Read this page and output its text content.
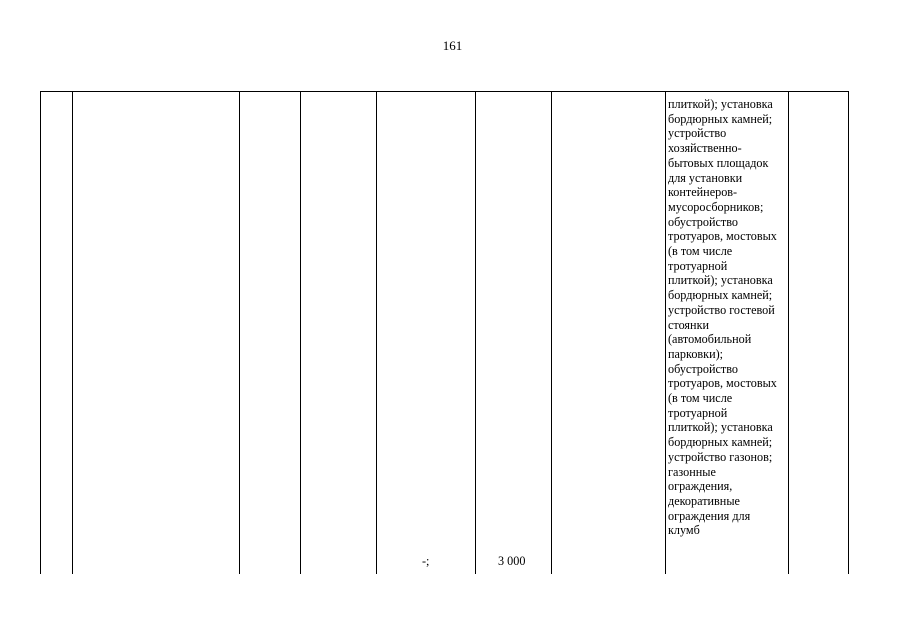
161
плиткой); установка
бордюрных камней;
устройство
хозяйственно-
бытовых площадок
для установки
контейнеров-
мусоросборников;
обустройство
тротуаров, мостовых
(в том числе
тротуарной
плиткой); установка
бордюрных камней;
устройство гостевой
стоянки
(автомобильной
парковки);
обустройство
тротуаров, мостовых
(в том числе
тротуарной
плиткой); установка
бордюрных камней;
устройство газонов;
газонные
ограждения,
декоративные
ограждения для
клумб
-;	3 000
